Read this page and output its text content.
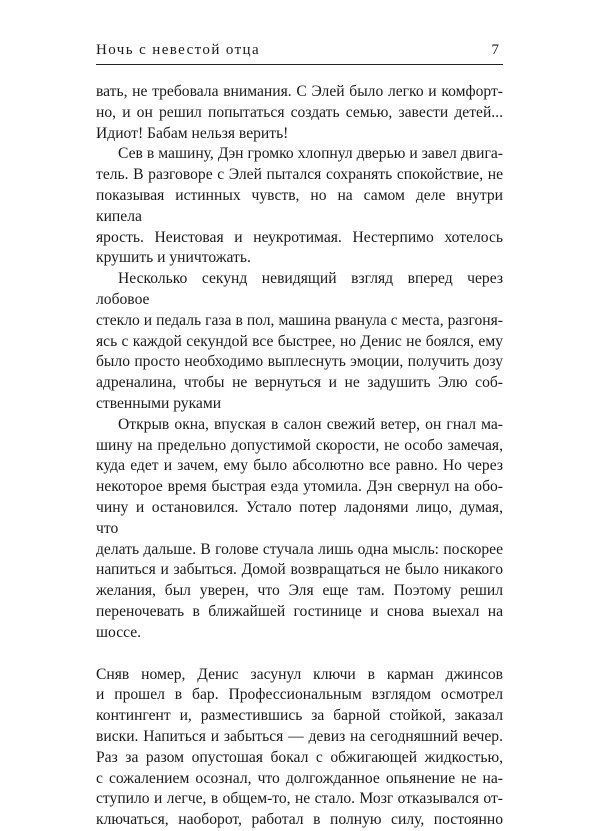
Ночь с невестой отца	7

вать, не требовала внимания. С Элей было легко и комфорт-

но, и он решил попытаться создать семью, завести детей...

Идиот! Бабам нельзя верить!

Сев в машину, Дэн громко хлопнул дверью и завел двига-

тель. В разговоре с Элей пытался сохранять спокойствие, не

показывая истинных чувств, но на самом деле внутри кипела

ярость. Неистовая и неукротимая. Нестерпимо хотелось

крушить и уничтожать.

Несколько секунд невидящий взгляд вперед через лобовое

стекло и педаль газа в пол, машина рванула с места, разгоня-

ясь с каждой секундой все быстрее, но Денис не боялся, ему

было просто необходимо выплеснуть эмоции, получить дозу

адреналина, чтобы не вернуться и не задушить Элю соб-

ственными руками

Открыв окна, впуская в салон свежий ветер, он гнал ма-

шину на предельно допустимой скорости, не особо замечая,

куда едет и зачем, ему было абсолютно все равно. Но через

некоторое время быстрая езда утомила. Дэн свернул на обо-

чину и остановился. Устало потер ладонями лицо, думая, что

делать дальше. В голове стучала лишь одна мысль: поскорее

напиться и забыться. Домой возвращаться не было никакого

желания, был уверен, что Эля еще там. Поэтому решил

переночевать в ближайшей гостинице и снова выехал на

шоссе.

Сняв номер, Денис засунул ключи в карман джинсов

и прошел в бар. Профессиональным взглядом осмотрел

контингент и, разместившись за барной стойкой, заказал

виски. Напиться и забыться — девиз на сегодняшний вечер.

Раз за разом опустошая бокал с обжигающей жидкостью,

с сожалением осознал, что долгожданное опьянение не на-

ступило и легче, в общем-то, не стало. Мозг отказывался от-

ключаться, наоборот, работал в полную силу, постоянно
